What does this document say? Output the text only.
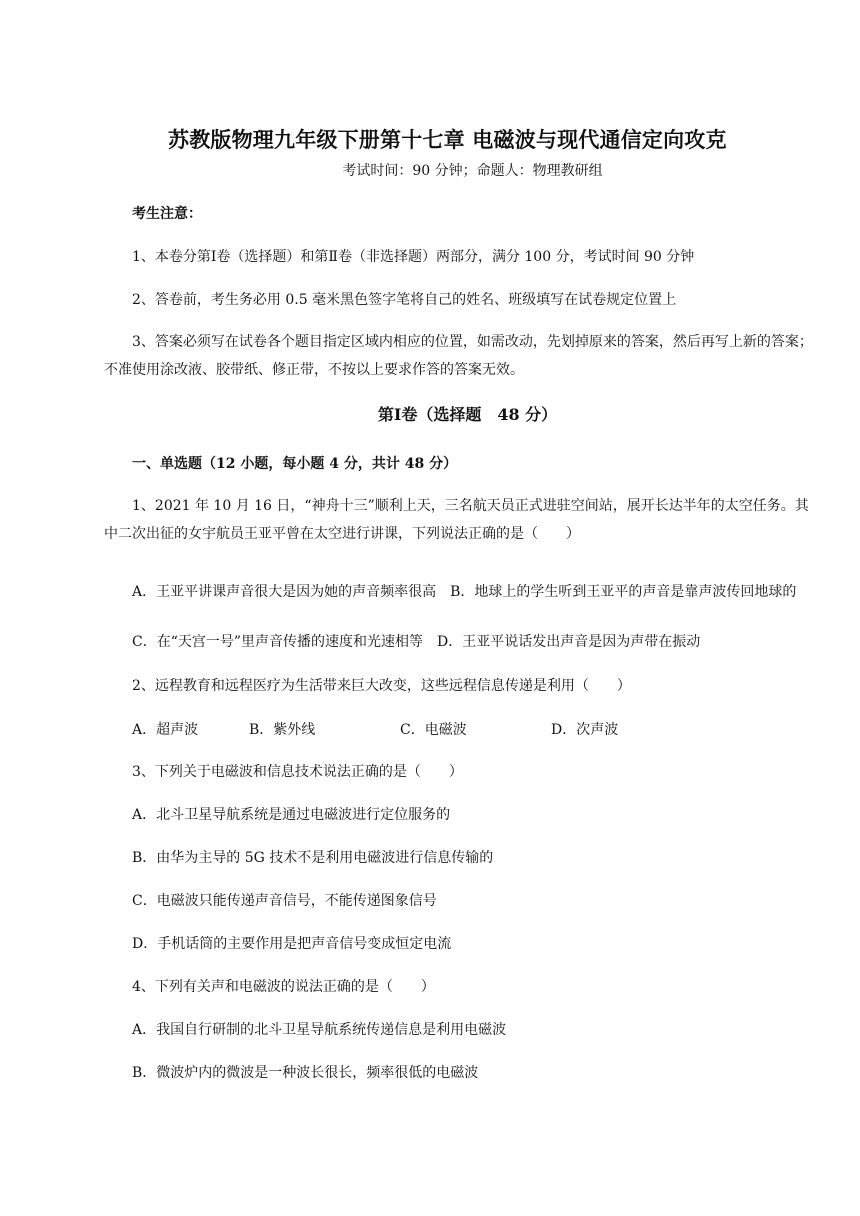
苏教版物理九年级下册第十七章 电磁波与现代通信定向攻克
考试时间：90 分钟；命题人：物理教研组
考生注意：
1、本卷分第Ⅰ卷（选择题）和第Ⅱ卷（非选择题）两部分，满分 100 分，考试时间 90 分钟
2、答卷前，考生务必用 0.5 毫米黑色签字笔将自己的姓名、班级填写在试卷规定位置上
3、答案必须写在试卷各个题目指定区域内相应的位置，如需改动，先划掉原来的答案，然后再写上新的答案；不准使用涂改液、胶带纸、修正带，不按以上要求作答的答案无效。
第Ⅰ卷（选择题　48 分）
一、单选题（12 小题，每小题 4 分，共计 48 分）
1、2021 年 10 月 16 日，“神舟十三”顺利上天，三名航天员正式进驻空间站，展开长达半年的太空任务。其中二次出征的女宇航员王亚平曾在太空进行讲课，下列说法正确的是（　　）
A．王亚平讲课声音很大是因为她的声音频率很高　B．地球上的学生听到王亚平的声音是靠声波传回地球的
C．在“天宫一号”里声音传播的速度和光速相等　D．王亚平说话发出声音是因为声带在振动
2、远程教育和远程医疗为生活带来巨大改变，这些远程信息传递是利用（　　）
A．超声波	B．紫外线	C．电磁波	D．次声波
3、下列关于电磁波和信息技术说法正确的是（　　）
A．北斗卫星导航系统是通过电磁波进行定位服务的
B．由华为主导的 5G 技术不是利用电磁波进行信息传输的
C．电磁波只能传递声音信号，不能传递图象信号
D．手机话筒的主要作用是把声音信号变成恒定电流
4、下列有关声和电磁波的说法正确的是（　　）
A．我国自行研制的北斗卫星导航系统传递信息是利用电磁波
B．微波炉内的微波是一种波长很长，频率很低的电磁波
